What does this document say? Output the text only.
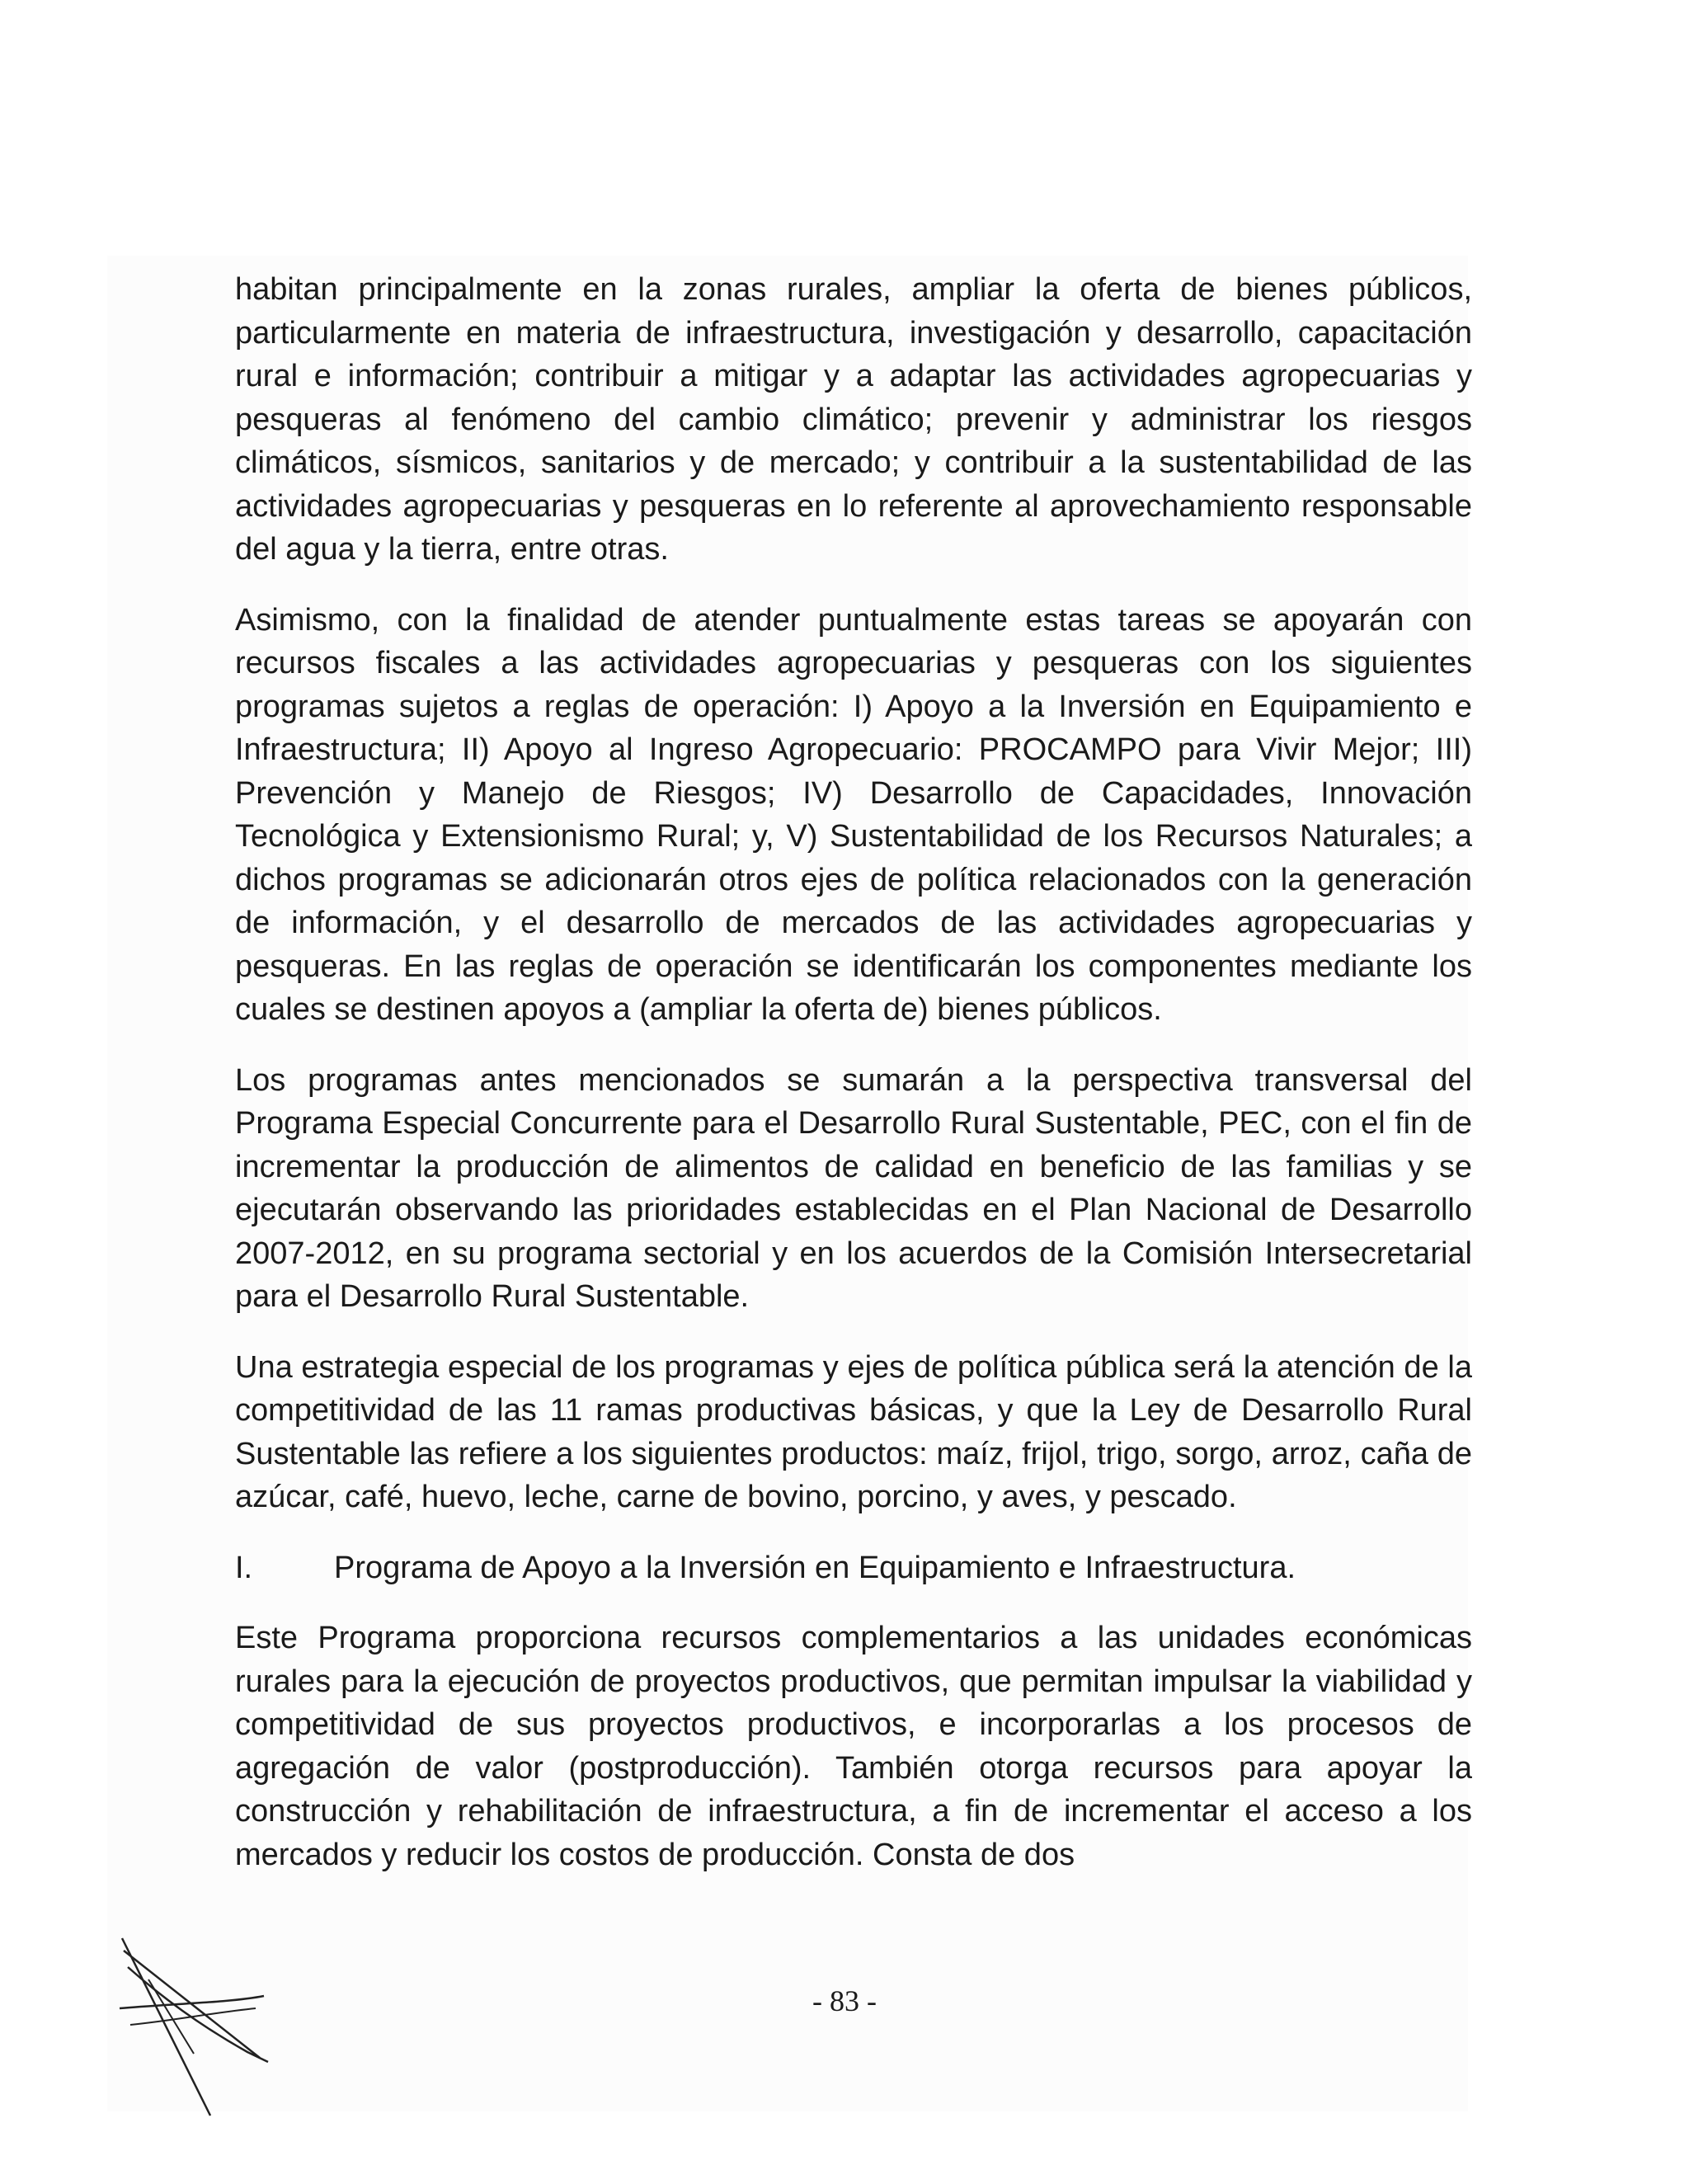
habitan principalmente en la zonas rurales, ampliar la oferta de bienes públicos, particularmente en materia de infraestructura, investigación y desarrollo, capacitación rural e información; contribuir a mitigar y a adaptar las actividades agropecuarias y pesqueras al fenómeno del cambio climático; prevenir y administrar los riesgos climáticos, sísmicos, sanitarios y de mercado; y contribuir a la sustentabilidad de las actividades agropecuarias y pesqueras en lo referente al aprovechamiento responsable del agua y la tierra, entre otras.

Asimismo, con la finalidad de atender puntualmente estas tareas se apoyarán con recursos fiscales a las actividades agropecuarias y pesqueras con los siguientes programas sujetos a reglas de operación: I) Apoyo a la Inversión en Equipamiento e Infraestructura; II) Apoyo al Ingreso Agropecuario: PROCAMPO para Vivir Mejor; III) Prevención y Manejo de Riesgos; IV) Desarrollo de Capacidades, Innovación Tecnológica y Extensionismo Rural; y, V) Sustentabilidad de los Recursos Naturales; a dichos programas se adicionarán otros ejes de política relacionados con la generación de información, y el desarrollo de mercados de las actividades agropecuarias y pesqueras. En las reglas de operación se identificarán los componentes mediante los cuales se destinen apoyos a (ampliar la oferta de) bienes públicos.

Los programas antes mencionados se sumarán a la perspectiva transversal del Programa Especial Concurrente para el Desarrollo Rural Sustentable, PEC, con el fin de incrementar la producción de alimentos de calidad en beneficio de las familias y se ejecutarán observando las prioridades establecidas en el Plan Nacional de Desarrollo 2007-2012, en su programa sectorial y en los acuerdos de la Comisión Intersecretarial para el Desarrollo Rural Sustentable.

Una estrategia especial de los programas y ejes de política pública será la atención de la competitividad de las 11 ramas productivas básicas, y que la Ley de Desarrollo Rural Sustentable las refiere a los siguientes productos: maíz, frijol, trigo, sorgo, arroz, caña de azúcar, café, huevo, leche, carne de bovino, porcino, y aves, y pescado.

I.	Programa de Apoyo a la Inversión en Equipamiento e Infraestructura.

Este Programa proporciona recursos complementarios a las unidades económicas rurales para la ejecución de proyectos productivos, que permitan impulsar la viabilidad y competitividad de sus proyectos productivos, e incorporarlas a los procesos de agregación de valor (postproducción). También otorga recursos para apoyar la construcción y rehabilitación de infraestructura, a fin de incrementar el acceso a los mercados y reducir los costos de producción. Consta de dos

- 83 -
